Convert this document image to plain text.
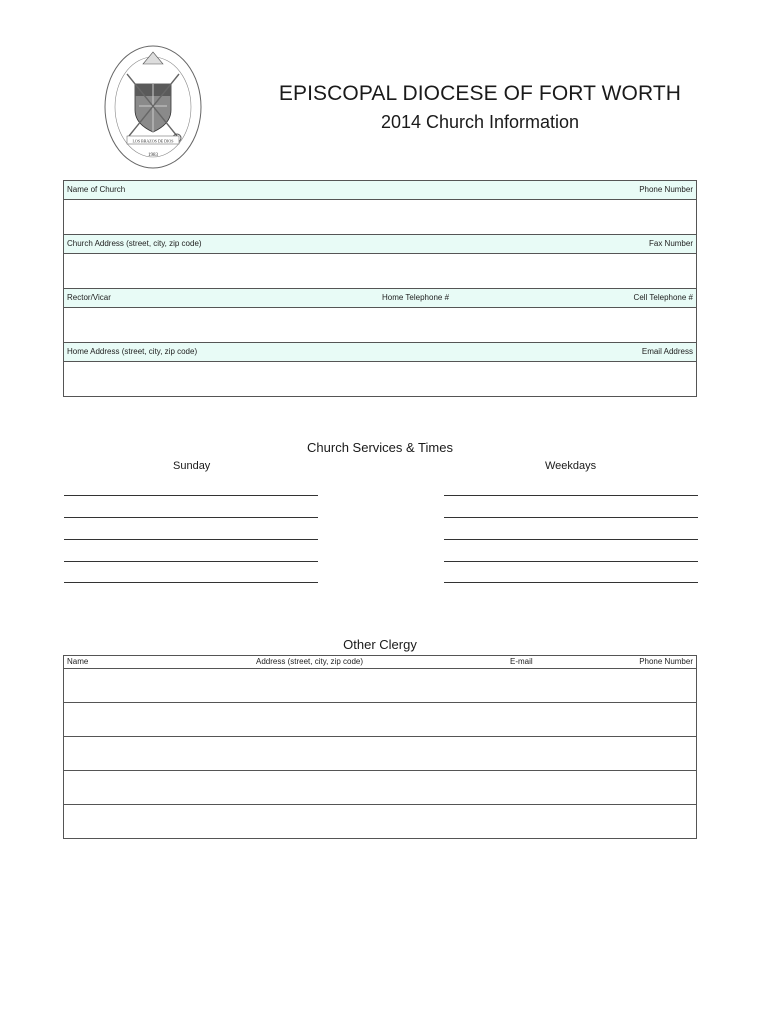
LOS BRAZOS DE DIOS
1983
EPISCOPAL DIOCESE OF FORT WORTH
2014 Church Information
Name of Church	Phone Number
Church Address (street, city, zip code)	Fax Number
Rector/Vicar	Home Telephone #	Cell Telephone #
Home Address (street, city, zip code)	Email Address
Church Services & Times
Sunday	Weekdays
Other Clergy
Name	Address (street, city, zip code)	E-mail	Phone Number
